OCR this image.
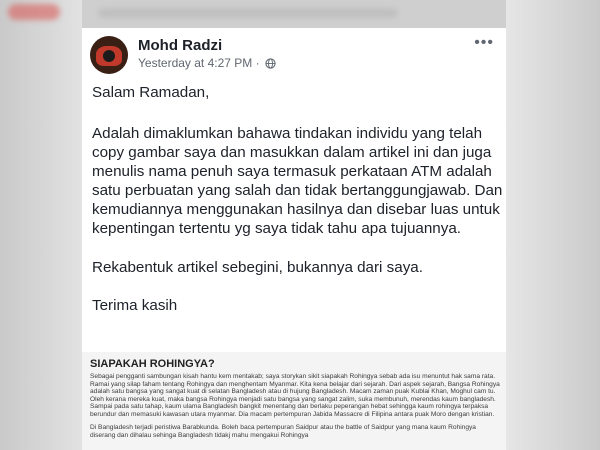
Mohd Radzi
Yesterday at 4:27 PM ·
•••

Salam Ramadan,

Adalah dimaklumkan bahawa tindakan individu yang telah copy gambar saya dan masukkan dalam artikel ini dan juga menulis nama penuh saya termasuk perkataan ATM adalah satu perbuatan yang salah dan tidak bertanggungjawab. Dan kemudiannya menggunakan hasilnya dan disebar luas untuk kepentingan tertentu yg saya tidak tahu apa tujuannya.

Rekabentuk artikel sebegini, bukannya dari saya.

Terima kasih

SIAPAKAH ROHINGYA?

Sebagai pengganti sambungan kisah hantu kem mentakab; saya storykan sikit siapakah Rohingya sebab ada isu menuntut hak sama rata. Ramai yang silap faham tentang Rohingya dan menghentam Myanmar. Kita kena belajar dari sejarah. Dari aspek sejarah, Bangsa Rohingya adalah satu bangsa yang sangat kuat di selatan Bangladesh atau di hujung Bangladesh. Macam zaman puak Kublai Khan, Moghul cam tu. Oleh kerana mereka kuat, maka bangsa Rohingya menjadi satu bangsa yang sangat zalim, suka membunuh, merendas kaum bangladesh. Sampai pada satu tahap, kaum ulama Bangladesh bangkit menentang dan berlaku peperangan hebat sehingga kaum rohingya terpaksa berundur dan memasuki kawasan utara myanmar. Dia macam pertempuran Jabida Massacre di Filipina antara puak Moro dengan kristian.

Di Bangladesh terjadi peristiwa Barabkunda. Boleh baca pertempuran Saidpur atau the battle of Saidpur yang mana kaum Rohingya diserang dan dihalau sehinga Bangladesh tidakj mahu mengakui Rohingya
